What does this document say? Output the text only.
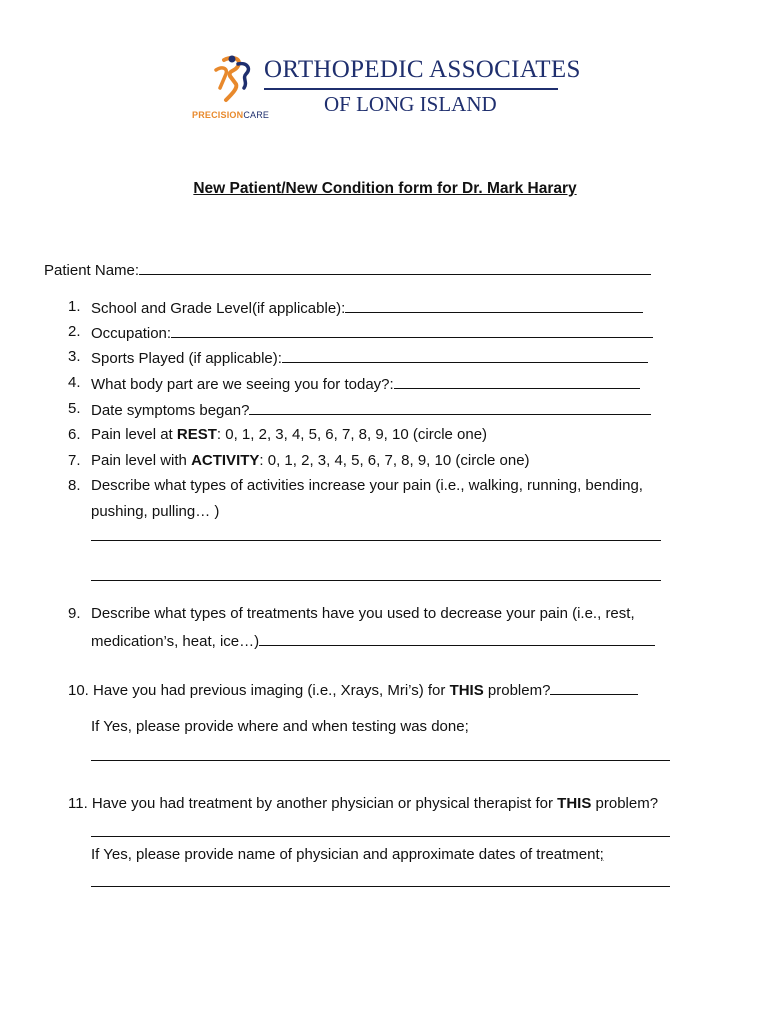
PRECISIONCARE
ORTHOPEDIC ASSOCIATES
OF LONG ISLAND
New Patient/New Condition form for Dr. Mark Harary
Patient Name:
1. School and Grade Level(if applicable):
2. Occupation:
3. Sports Played (if applicable):
4. What body part are we seeing you for today?:
5. Date symptoms began?
6. Pain level at REST: 0, 1, 2, 3, 4, 5, 6, 7, 8, 9, 10 (circle one)
7. Pain level with ACTIVITY: 0, 1, 2, 3, 4, 5, 6, 7, 8, 9, 10 (circle one)
8. Describe what types of activities increase your pain (i.e., walking, running, bending,
pushing, pulling… )
9. Describe what types of treatments have you used to decrease your pain (i.e., rest,
medication’s, heat, ice…)
10. Have you had previous imaging (i.e., Xrays, Mri’s) for THIS problem?
If Yes, please provide where and when testing was done;
11. Have you had treatment by another physician or physical therapist for THIS problem?
If Yes, please provide name of physician and approximate dates of treatment;
